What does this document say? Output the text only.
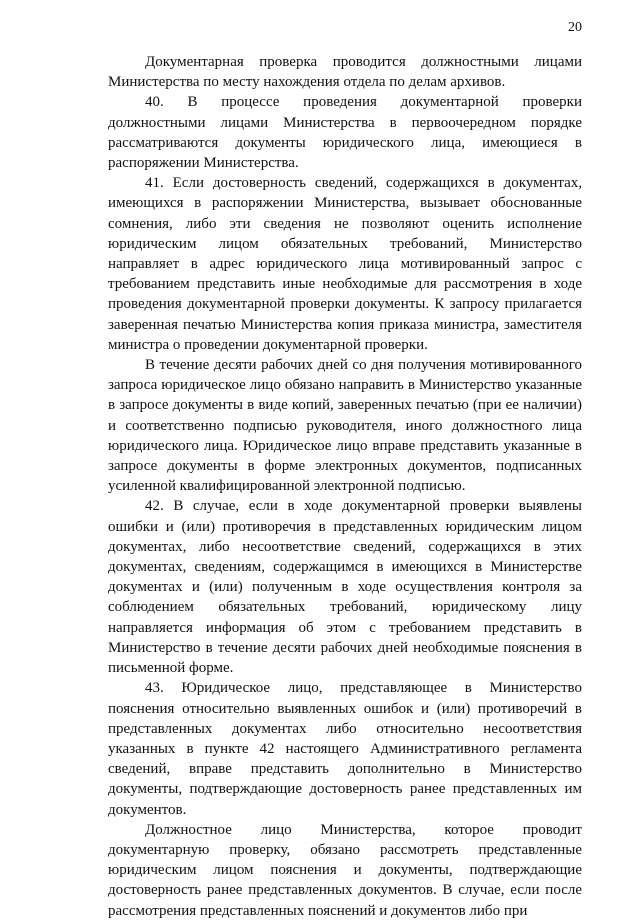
20

Документарная проверка проводится должностными лицами Министерства по месту нахождения отдела по делам архивов.

40. В процессе проведения документарной проверки должностными лицами Министерства в первоочередном порядке рассматриваются документы юридического лица, имеющиеся в распоряжении Министерства.

41. Если достоверность сведений, содержащихся в документах, имеющихся в распоряжении Министерства, вызывает обоснованные сомнения, либо эти сведения не позволяют оценить исполнение юридическим лицом обязательных требований, Министерство направляет в адрес юридического лица мотивированный запрос с требованием представить иные необходимые для рассмотрения в ходе проведения документарной проверки документы. К запросу прилагается заверенная печатью Министерства копия приказа министра, заместителя министра о проведении документарной проверки.

В течение десяти рабочих дней со дня получения мотивированного запроса юридическое лицо обязано направить в Министерство указанные в запросе документы в виде копий, заверенных печатью (при ее наличии) и соответственно подписью руководителя, иного должностного лица юридического лица. Юридическое лицо вправе представить указанные в запросе документы в форме электронных документов, подписанных усиленной квалифицированной электронной подписью.

42. В случае, если в ходе документарной проверки выявлены ошибки и (или) противоречия в представленных юридическим лицом документах, либо несоответствие сведений, содержащихся в этих документах, сведениям, содержащимся в имеющихся в Министерстве документах и (или) полученным в ходе осуществления контроля за соблюдением обязательных требований, юридическому лицу направляется информация об этом с требованием представить в Министерство в течение десяти рабочих дней необходимые пояснения в письменной форме.

43. Юридическое лицо, представляющее в Министерство пояснения относительно выявленных ошибок и (или) противоречий в представленных документах либо относительно несоответствия указанных в пункте 42 настоящего Административного регламента сведений, вправе представить дополнительно в Министерство документы, подтверждающие достоверность ранее представленных им документов.

Должностное лицо Министерства, которое проводит документарную проверку, обязано рассмотреть представленные юридическим лицом пояснения и документы, подтверждающие достоверность ранее представленных документов. В случае, если после рассмотрения представленных пояснений и документов либо при
